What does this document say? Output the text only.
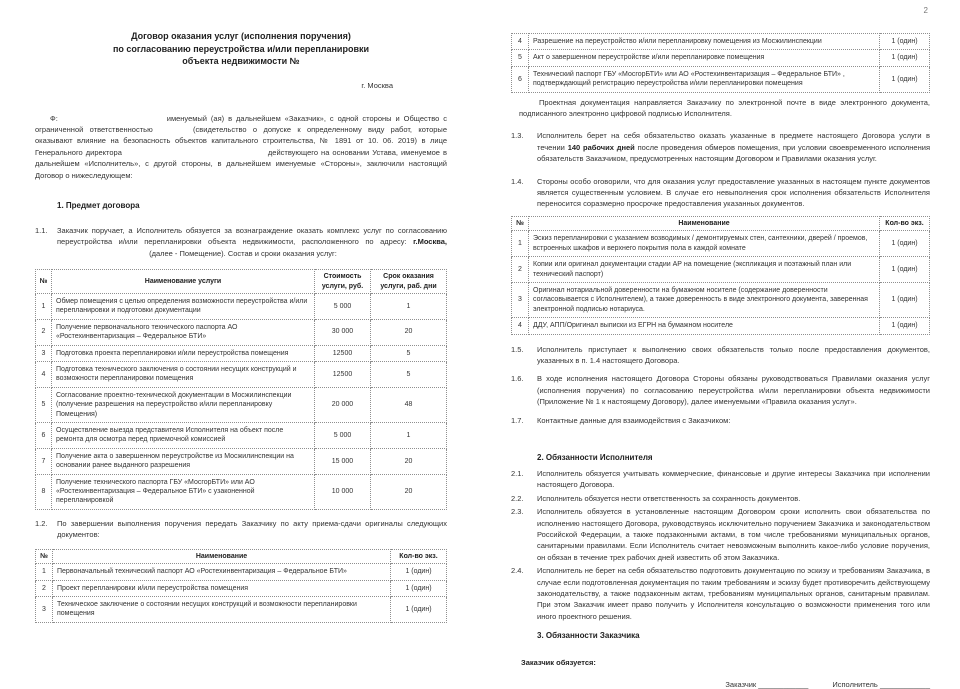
Договор оказания услуг (исполнения поручения)
по согласованию переустройства и/или перепланировки
объекта недвижимости №
г. Москва
Ф:	именуемый (ая) в дальнейшем «Заказчик», с одной стороны и Общество с ограниченной ответственностью	(свидетельство о допуске к определенному виду работ, которые оказывают влияние на безопасность объектов капитального строительства, № 1891 от 10. 06. 2019) в лице Генерального директора	действующего на основании Устава, именуемое в дальнейшем «Исполнитель», с другой стороны, в дальнейшем именуемые «Стороны», заключили настоящий Договор о нижеследующем:
1. Предмет договора
1.1.	Заказчик поручает, а Исполнитель обязуется за вознаграждение оказать комплекс услуг по согласованию переустройства и/или перепланировки объекта недвижимости, расположенного по адресу: г.Москва, (далее - Помещение). Состав и сроки оказания услуг:
№	Наименование услуги	Стоимость услуги, руб.	Срок оказания услуги, раб. дни
1	Обмер помещения с целью определения возможности переустройства и/или перепланировки и подготовки документации	5 000	1
2	Получение первоначального технического паспорта АО «Ростехинвентаризация – Федеральное БТИ»	30 000	20
3	Подготовка проекта перепланировки и/или переустройства помещения	12500	5
4	Подготовка технического заключения о состоянии несущих конструкций и возможности перепланировки помещения	12500	5
5	Согласование проектно-технической документации в Мосжилинспекции (получение разрешения на переустройство и/или перепланировку Помещения)	20 000	48
6	Осуществление выезда представителя Исполнителя на объект после ремонта для осмотра перед приемочной комиссией	5 000	1
7	Получение акта о завершенном переустройстве из Мосжилинспекции на основании ранее выданного разрешения	15 000	20
8	Получение технического паспорта ГБУ «МосгорБТИ» или АО «Ростехинвентаризация – Федеральное БТИ» с узаконенной перепланировкой	10 000	20
1.2.	По завершении выполнения поручения передать Заказчику по акту приема-сдачи оригиналы следующих документов:
№	Наименование	Кол-во экз.
1	Первоначальный технический паспорт АО «Ростехинвентаризация – Федеральное БТИ»	1 (один)
2	Проект перепланировки и/или переустройства помещения	1 (один)
3	Техническое заключение о состоянии несущих конструкций и возможности перепланировки помещения	1 (один)
2
4	Разрешение на переустройство и/или перепланировку помещения из Мосжилинспекции	1 (один)
5	Акт о завершенном переустройстве и/или перепланировке помещения	1 (один)
6	Технический паспорт ГБУ «МосгорБТИ» или АО «Ростехинвентаризация – Федеральное БТИ» , подтверждающий регистрацию переустройства и/или перепланировки помещения	1 (один)
Проектная документация направляется Заказчику по электронной почте в виде электронного документа, подписанного электронно цифровой подписью Исполнителя.
1.3.	Исполнитель берет на себя обязательство оказать указанные в предмете настоящего Договора услуги в течении 140 рабочих дней после проведения обмеров помещения, при условии своевременного исполнения обязательств Заказчиком, предусмотренных настоящим Договором и Правилами оказания услуг.
1.4.	Стороны особо оговорили, что для оказания услуг предоставление указанных в настоящем пункте документов является существенным условием. В случае его невыполнения срок исполнения обязательств Исполнителя переносится соразмерно просрочке предоставления указанных документов.
№	Наименование	Кол-во экз.
1	Эскиз перепланировки с указанием возводимых / демонтируемых стен, сантехники, дверей / проемов, встроенных шкафов и верхнего покрытия пола в каждой комнате	1 (один)
2	Копии или оригинал документации стадии АР на помещение (экспликация и поэтажный план или технический паспорт)	1 (один)
3	Оригинал нотариальной доверенности на бумажном носителе (содержание доверенности согласовывается с Исполнителем), а также доверенность в виде электронного документа, заверенная электронной подписью нотариуса.	1 (один)
4	ДДУ, АПП/Оригинал выписки из ЕГРН на бумажном носителе	1 (один)
1.5.	Исполнитель приступает к выполнению своих обязательств только после предоставления документов, указанных в п. 1.4 настоящего Договора.
1.6.	В ходе исполнения настоящего Договора Стороны обязаны руководствоваться Правилами оказания услуг (исполнения поручения) по согласованию переустройства и/или перепланировки объекта недвижимости (Приложение № 1 к настоящему Договору), далее именуемыми «Правила оказания услуг».
1.7.	Контактные данные для взаимодействия с Заказчиком:
2. Обязанности Исполнителя
2.1.	Исполнитель обязуется учитывать коммерческие, финансовые и другие интересы Заказчика при исполнении настоящего Договора.
2.2.	Исполнитель обязуется нести ответственность за сохранность документов.
2.3.	Исполнитель обязуется в установленные настоящим Договором сроки исполнить свои обязательства по исполнению настоящего Договора, руководствуясь исключительно поручением Заказчика и законодательством Российской Федерации, а также подзаконными актами, в том числе требованиями муниципальных органов, санитарными правилами. Если Исполнитель считает невозможным выполнить какое-либо условие поручения, он обязан в течение трех рабочих дней известить об этом Заказчика.
2.4.	Исполнитель не берет на себя обязательство подготовить документацию по эскизу и требованиям Заказчика, в случае если подготовленная документация по таким требованиям и эскизу будет противоречить действующему законодательству, а также подзаконным актам, требованиям муниципальных органов, санитарным правилам. При этом Заказчик имеет право получить у Исполнителя консультацию о возможности применения того или иного проектного решения.
3. Обязанности Заказчика
Заказчик обязуется:
Заказчик ____________	Исполнитель ____________
